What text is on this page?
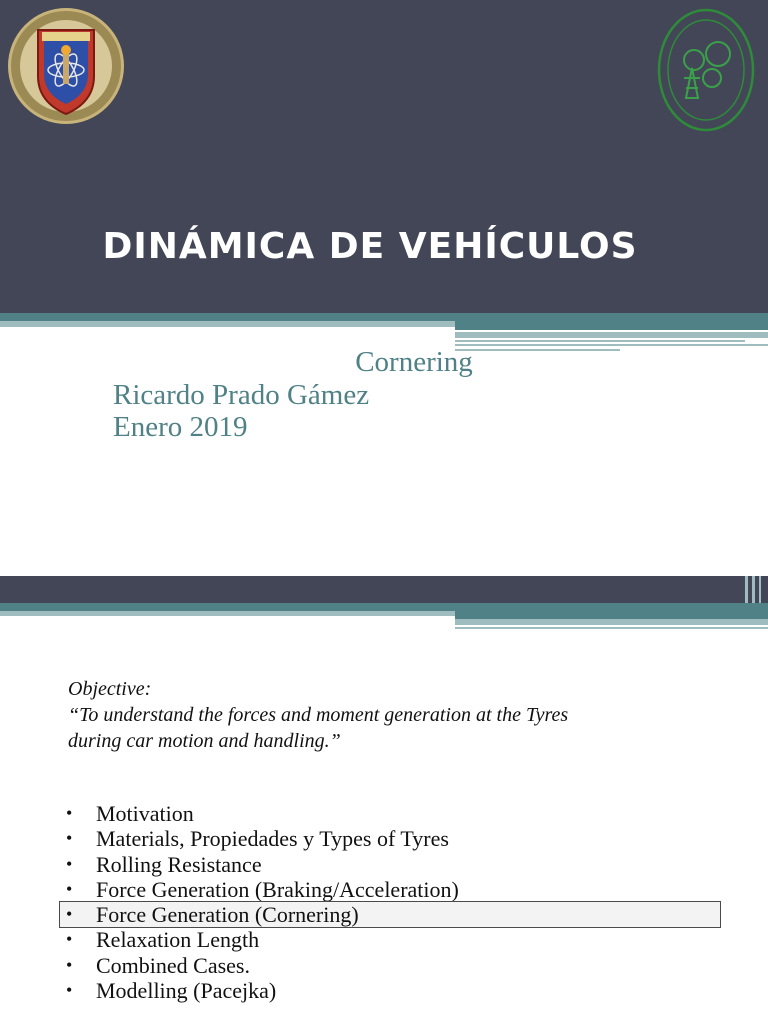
DINÁMICA DE VEHÍCULOS
Cornering
Ricardo Prado Gámez
Enero 2019
Objective:
“To understand the forces and moment generation at the Tyres
during car motion and handling.”
• Motivation
• Materials, Propiedades y Types of Tyres
• Rolling Resistance
• Force Generation (Braking/Acceleration)
• Force Generation (Cornering)
• Relaxation Length
• Combined Cases.
• Modelling (Pacejka)
